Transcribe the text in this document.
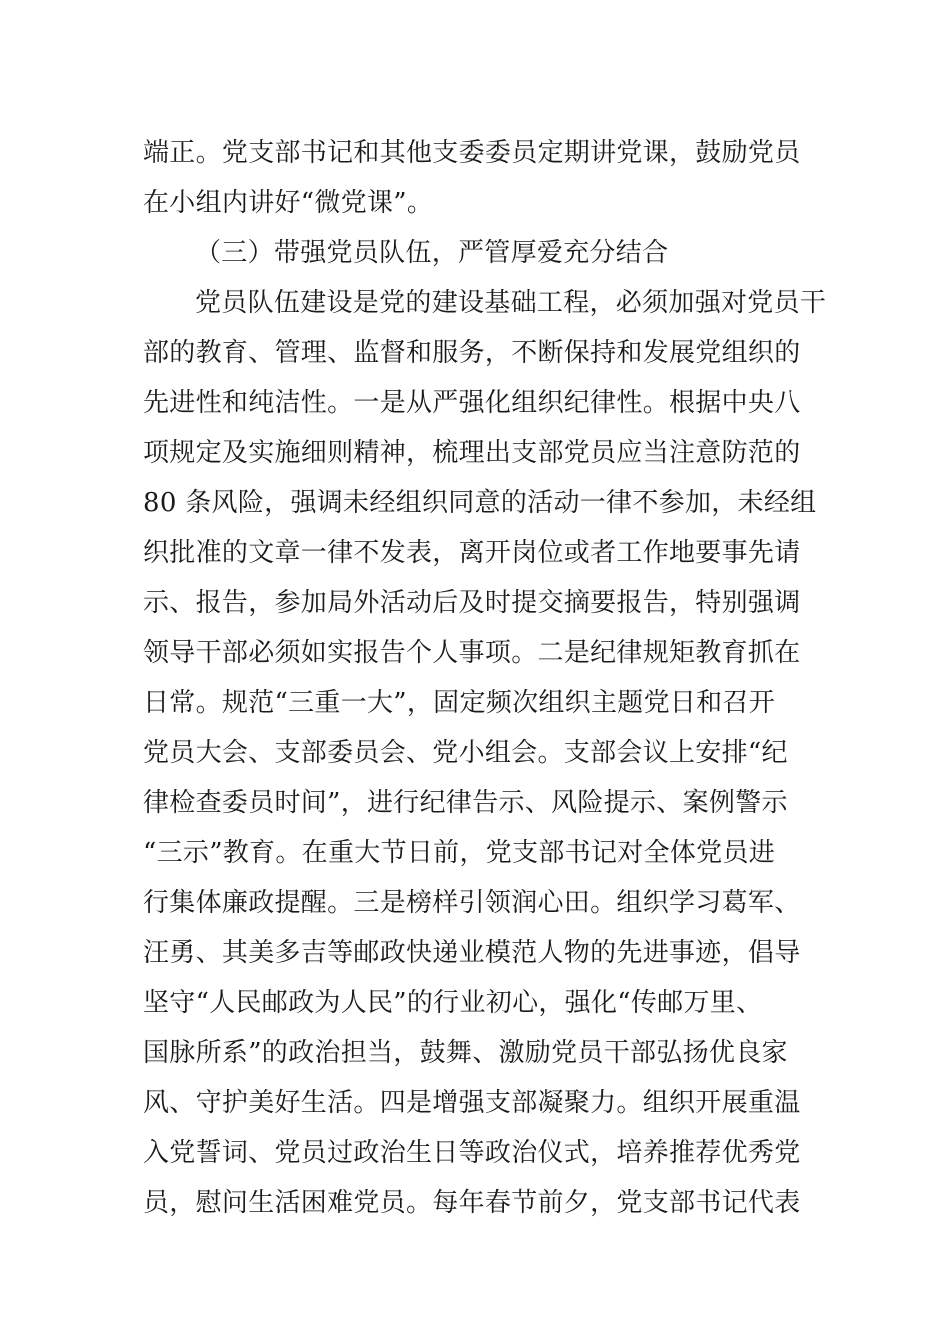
端正。党支部书记和其他支委委员定期讲党课，鼓励党员
在小组内讲好“微党课”。
（三）带强党员队伍，严管厚爱充分结合
党员队伍建设是党的建设基础工程，必须加强对党员干
部的教育、管理、监督和服务，不断保持和发展党组织的
先进性和纯洁性。一是从严强化组织纪律性。根据中央八
项规定及实施细则精神，梳理出支部党员应当注意防范的
80 条风险，强调未经组织同意的活动一律不参加，未经组
织批准的文章一律不发表，离开岗位或者工作地要事先请
示、报告，参加局外活动后及时提交摘要报告，特别强调
领导干部必须如实报告个人事项。二是纪律规矩教育抓在
日常。规范“三重一大”，固定频次组织主题党日和召开
党员大会、支部委员会、党小组会。支部会议上安排“纪
律检查委员时间”，进行纪律告示、风险提示、案例警示
“三示”教育。在重大节日前，党支部书记对全体党员进
行集体廉政提醒。三是榜样引领润心田。组织学习葛军、
汪勇、其美多吉等邮政快递业模范人物的先进事迹，倡导
坚守“人民邮政为人民”的行业初心，强化“传邮万里、
国脉所系”的政治担当，鼓舞、激励党员干部弘扬优良家
风、守护美好生活。四是增强支部凝聚力。组织开展重温
入党誓词、党员过政治生日等政治仪式，培养推荐优秀党
员，慰问生活困难党员。每年春节前夕，党支部书记代表
